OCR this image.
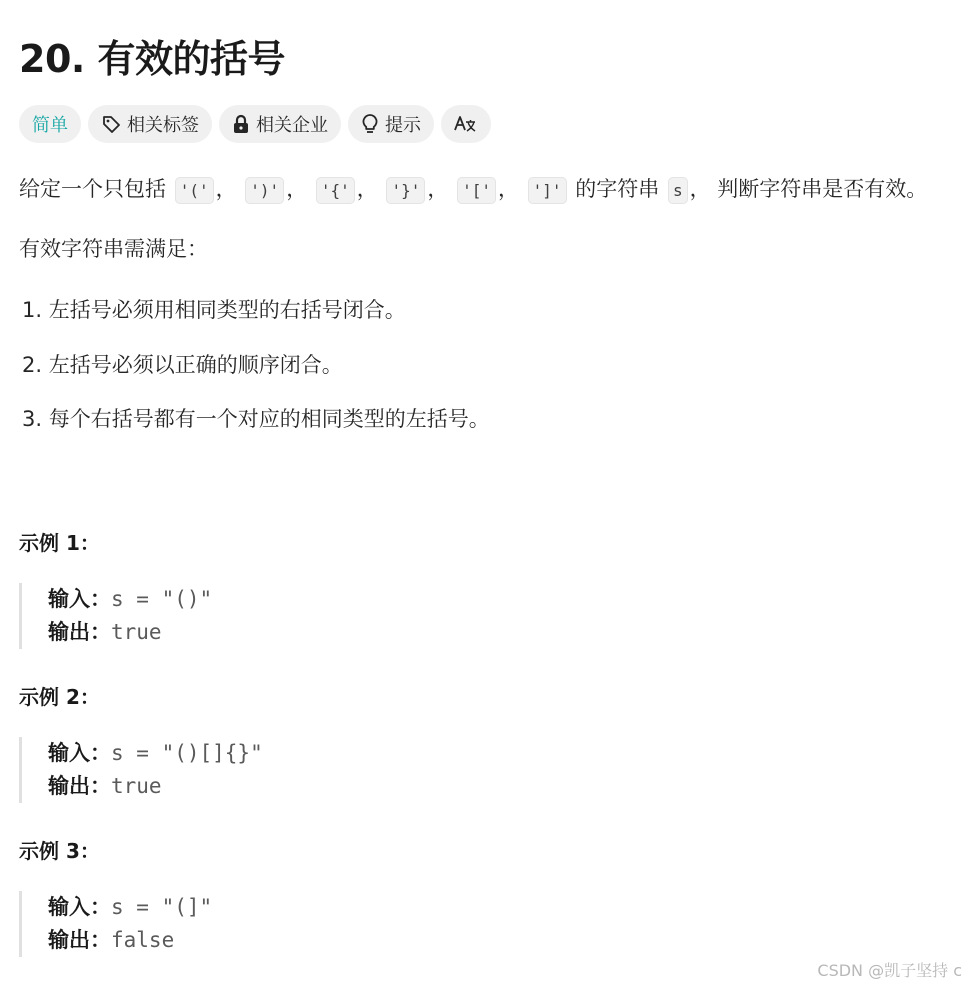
20. 有效的括号
简单	相关标签	相关企业	提示
给定一个只包括 '(' ， ')' ， '{' ， '}' ， '[' ， ']' 的字符串 s ， 判断字符串是否有效。
有效字符串需满足：
1. 左括号必须用相同类型的右括号闭合。
2. 左括号必须以正确的顺序闭合。
3. 每个右括号都有一个对应的相同类型的左括号。
示例 1：
输入：s = "()"
输出：true
示例 2：
输入：s = "()[]{}"
输出：true
示例 3：
输入：s = "(]"
输出：false
CSDN @凯子坚持 c
